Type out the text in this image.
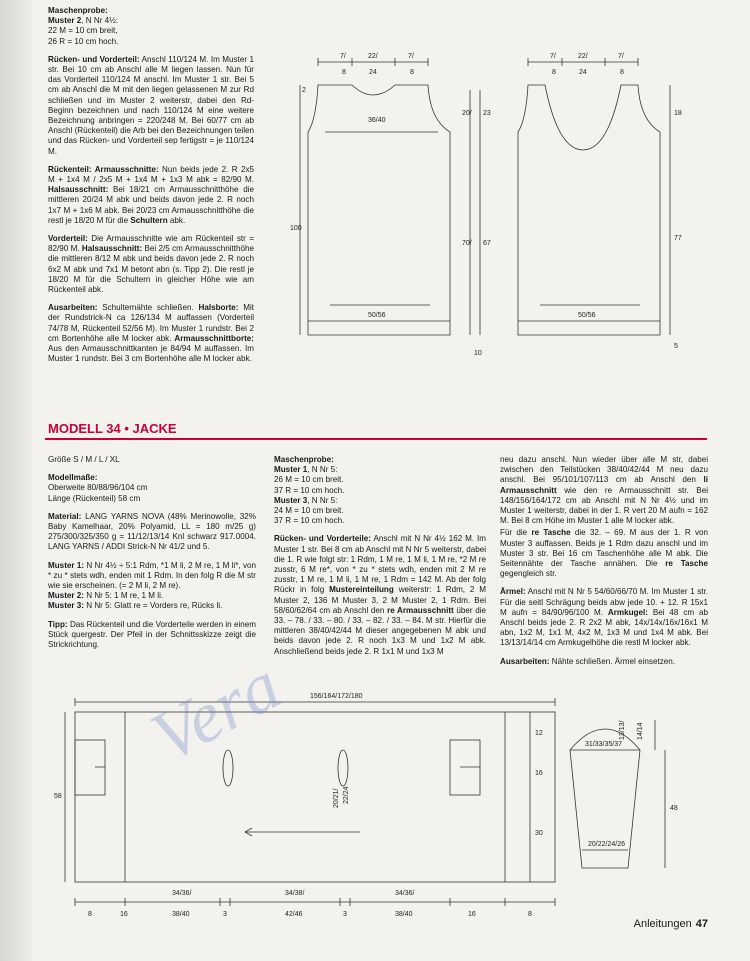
Maschenprobe:
Muster 2, N Nr 4½:
22 M = 10 cm breit,
26 R = 10 cm hoch.

Rücken- und Vorderteil: Anschl 110/124 M. Im Muster 1 str. Bei 10 cm ab Anschl alle M liegen lassen. Nun für das Vorderteil 110/124 M anschl. Im Muster 1 str. Bei 5 cm ab Anschl die M mit den liegen gelassenen M zur Rd schließen und im Muster 2 weiterstr, dabei den Rd-Beginn bezeichnen und nach 110/124 M eine weitere Bezeichnung anbringen = 220/248 M. Bei 60/77 cm ab Anschl (Rückenteil) die Arb bei den Bezeichnungen teilen und das Rücken- und Vorderteil sep fertigstr = je 110/124 M.

Rückenteil: Armausschnitte: Nun beids jede 2. R 2x5 M + 1x4 M / 2x5 M + 1x4 M + 1x3 M abk = 82/90 M. Halsausschnitt: Bei 18/21 cm Armausschnitthöhe die mittleren 20/24 M abk und beids davon jede 2. R noch 1x7 M + 1x6 M abk. Bei 20/23 cm Armausschnitthöhe die restl je 18/20 M für die Schultern abk.

Vorderteil: Die Armausschnitte wie am Rückenteil str = 82/90 M. Halsausschnitt: Bei 2/5 cm Armausschnitthöhe die mittleren 8/12 M abk und beids davon jede 2. R noch 6x2 M abk und 7x1 M betont abn (s. Tipp 2). Die restl je 18/20 M für die Schultern in gleicher Höhe wie am Rückenteil abk.

Ausarbeiten: Schulternähte schließen. Halsborte: Mit der Rundstrick-N ca 126/134 M auffassen (Vorderteil 74/78 M, Rückenteil 52/56 M). Im Muster 1 rundstr. Bei 2 cm Bortenhöhe alle M locker abk. Armausschnittborte: Aus den Armausschnittkanten je 84/94 M auffassen. Im Muster 1 rundstr. Bei 3 cm Bortenhöhe alle M locker abk.

7/	22/	7/
8	24	8
36/40
50/56
2
20/ 23
100
70/ 67
10
7/	22/	7/
8	24	8
50/56
18
77
5
MODELL 34 • JACKE

Größe S / M / L / XL

Modellmaße:
Oberweite 80/88/96/104 cm
Länge (Rückenteil) 58 cm

Material: LANG YARNS NOVA (48% Merinowolle, 32% Baby Kamelhaar, 20% Polyamid, LL = 180 m/25 g) 275/300/325/350 g = 11/12/13/14 Knl schwarz 917.0004. LANG YARNS / ADDI Strick-N Nr 41/2 und 5.

Muster 1: N Nr 4½ ÷ 5:1 Rdm, *1 M li, 2 M re, 1 M li*, von * zu * stets wdh, enden mit 1 Rdm. In den folg R die M str wie sie erscheinen. (= 2 M li, 2 M re).
Muster 2: N Nr 5: 1 M re, 1 M li.
Muster 3: N Nr 5: Glatt re = Vorders re, Rücks li.

Tipp: Das Rückenteil und die Vorderteile werden in einem Stück quergestr. Der Pfeil in der Schnittsskizze zeigt die Strickrichtung.

Maschenprobe:
Muster 1, N Nr 5:
26 M = 10 cm breit.
37 R = 10 cm hoch.
Muster 3, N Nr 5:
24 M = 10 cm breit.
37 R = 10 cm hoch.

Rücken- und Vorderteile: Anschl mit N Nr 4½ 162 M. Im Muster 1 str. Bei 8 cm ab Anschl mit N Nr 5 weiterstr, dabei die 1. R wie folgt str: 1 Rdm, 1 M re, 1 M li, 1 M re, *2 M re zusstr, 6 M re*, von * zu * stets wdh, enden mit 2 M re zusstr, 1 M re, 1 M li, 1 M re, 1 Rdm = 142 M. Ab der folg Rückr in folg Mustereinteilung weiterstr: 1 Rdm, 2 M Muster 2, 136 M Muster 3, 2 M Muster 2, 1 Rdm. Bei 58/60/62/64 cm ab Anschl den re Armausschnitt über die 33. – 78. / 33. – 80. / 33. – 82. / 33. – 84. M str. Hierfür die mittleren 38/40/42/44 M dieser angegebenen M abk und beids davon jede 2. R noch 1x3 M und 1x2 M abk. Anschließend beids jede 2. R 1x1 M und 1x3 M

neu dazu anschl. Nun wieder über alle M str, dabei zwischen den Teilstücken 38/40/42/44 M neu dazu anschl. Bei 95/101/107/113 cm ab Anschl den li Armausschnitt wie den re Armausschnitt str. Bei 148/156/164/172 cm ab Anschl mit N Nr 4½ und im Muster 1 weiterstr, dabei in der 1. R vert 20 M aufn = 162 M. Bei 8 cm Höhe im Muster 1 alle M locker abk.

Für die re Tasche die 32. – 69. M aus der 1. R von Muster 3 auffassen. Beids je 1 Rdm dazu anschl und im Muster 3 str. Bei 16 cm Taschenhöhe alle M abk. Die Seitennähte der Tasche annähen. Die re Tasche gegengleich str.

Ärmel: Anschl mit N Nr 5 54/60/66/70 M. Im Muster 1 str. Für die seitl Schrägung beids abw jede 10. + 12. R 15x1 M aufn = 84/90/96/100 M. Armkugel: Bei 48 cm ab Anschl beids jede 2. R 2x2 M abk, 14x/14x/16x/16x1 M abn, 1x2 M, 1x1 M, 4x2 M, 1x3 M und 1x4 M abk. Bei 13/13/14/14 cm Armkugelhöhe die restl M locker abk.

Ausarbeiten: Nähte schließen. Ärmel einsetzen.

156/164/172/180
58	20/21/ 22/24
12
16
30
34/36/	34/38/	34/36/
8	16	38/40	3	42/46	3	38/40	16	8
31/33/35/37
20/22/24/26
13/13/ 14/14
48
Vera
Anleitungen 47
